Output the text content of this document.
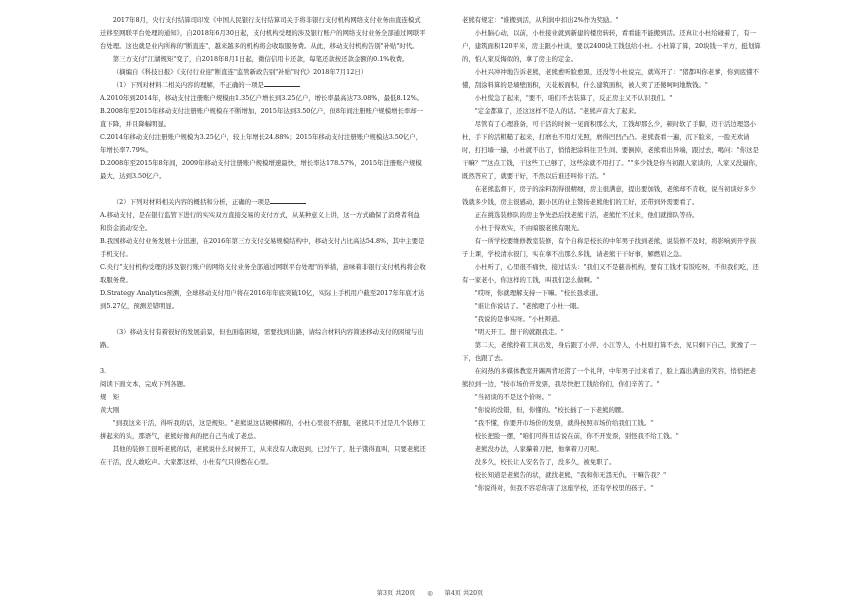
2017年8月，央行支付结算司印发《中国人民银行支付结算司关于将非银行支付机构网络支付业务由直连模式迁移至网联平台处理的通知》，自2018年6月30日起，支付机构受理的涉及银行账户的网络支付业务全部通过网联平台处理。这也就是业内所称的"断直连"，越来越多的机构将会收取服务费。从此，移动支付机构告别"补贴"时代。

第三方支付"江湖规矩"变了，自2018年8月1日起，微信信用卡还款，每笔还款按还款金额的0.1%收费。

（摘编自《科技日报》《支付行业迎"断直连"监管新政告别"补贴"时代》2018年7月12日）

（1）下列对材料二相关内容的理解，不正确的一项是

A.2010年到2014年，移动支付注册账户规模由1.35亿户增长到3.25亿户，增长率最高达73.08%，最低8.12%。

B.2008年至2015年移动支付注册账户规模在不断增加，2015年达到3.50亿户，但8年间注册账户规模增长率却一直下降，并且降幅明显。

C.2014年移动支付注册账户规模为3.25亿户，较上年增长24.88%；2015年移动支付注册账户规模达3.50亿户，年增长率7.79%。

D.2008年至2015年8年间，2009年移动支付注册账户规模增速最快，增长率达178.57%，2015年注册账户规模最大，达到3.50亿户。

（2）下列对材料相关内容的概括和分析，正确的一项是

A.移动支付，是在银行监管下进行的实实双方直接交易的支付方式，从某种意义上讲，这一方式确保了消费者利益和资金流动安全。

B.我国移动支付业务发展十分迅速，在2016年第三方支付交易规模结构中，移动支付占比高达54.8%，其中主要是手机支付。

C.央行"支付机构受理的涉及银行账户的网络支付业务全部通过网联平台处理"的举措，意味着非银行支付机构将会收取服务费。

D.Strategy Analytics预测，全球移动支付用户将在2016年年底突破10亿，实际上手机用户截至2017年年底才达到5.27亿，预测差错明显。

（3）移动支付有着很好的发展前景，但也面临困境，需要找到出路，请综合材料内容简述移动支付的困境与出路。

3.

阅读下面文本，完成下列各题。

规　矩

黄大刚

"到我这来干活，得听我的话，这是规矩。"老熊说这话硬梆梆的，小杜心里很不舒服，老熊只不过是几个装修工拼起来的头，那语气，老熊好像真的把自己当成了老总。

其他的装修工很听老熊的话，老熊说什么时候开工，从来没有人敢迟到，已过午了，肚子饿得直叫，只要老熊还在干活，没人敢吃声。大家都这样，小杜有气只得憋在心里。

老熊有规定："谁搬到活，从利润中扣出2%作为奖励。"

小杜脑心动，以前，小杜接业就到新建的楼房转转，看看能不能搬到活。还真让小杜给碰着了，有一户，建筑面积120平米，房主跟小杜谈，要以2400块工钱包给小杜。小杜算了算，20块钱一平方，挺划算的，怕人家反悔似的，拿了房主的定金。

小杜兴冲冲地告诉老熊，老熊愈听脸愈黑，还没等小杜说完，就骂开了："猪都叫你老爹，你到底懂不懂，刮涂料算的是墙壁面积，天花板面积，什么建筑面积，被人卖了还傻呵呵地数钱。"

小杜慌急了起来，"要不，咱们不去装算了，反正房主又不认识我们。"

"定金都算了，还这这样不是人的话。"老熊声音大了起来。

尽管有了心理准备，可干活的时候一见面积那么大，工钱却那么少，顿时软了手脚，迈干活边理怨小杜，手下的活粗糙了起来，打磨也不用灯光照，磨得凹凹凸凸。老熊查看一遍，沉下脸来，一脸无欢请时，打扫墙一遍，小杜就不出了，悄悄把涂料往卫生间、要倒掉，老熊看出异端，跟过去，喝问："你这是干嘛？""这点工钱，干这些工已够了，这些涂就不用打了。""多少钱是你当初跟人家谈的，人家又没逼你，既然答应了，就要干好，不然以后谁还叫你干活。"

在老熊监督下，房子的涂料刮得很精细，房主很满意，提出要加钱，老熊却不肯收，说当初谈好多少钱就多少钱，房主很感动，跟小区的业主赞扬老熊他们的工好，还带到外需要看了。

正在挑选装修队的房主争先恐后找老熊干活，老熊忙不过来，他们就排队等待。

小杜于得欢实，不由暗服老熊有眼光。

有一所学校要维修教室装修，有个自称是校长的中年男子找到老熊，说装修不及时，将影响到开学孩子上课，学校清水很门，实在拿不出那么多钱，请老熊干干好事，解燃眉之急。

小杜听了，心里很不痛快，接过话头："我们又不是慈善机构，要有工钱才有饭吃呀，不但我们吃，还有一家老小，你这样的工钱，叫我们怎么做啊。"

"哎呀，你就理解支持一下嘛。"校长恳求道。

"谁让你说话了。"老熊瞪了小杜一眼。

"我说的是事实呀。"小杜辩道。

"明天开工。想干的就跟我走。"

第二天，老熊拎着工具出发，身后跟了小萍、小江等人，小杜原打算不去，见只剩下自己，犹豫了一下，也跟了去。

在闷热的多媒体教室开踢两背坯涝了一个礼拜，中年男子过来看了，脸上露出满意的笑容，悄悄把老熊拉到一边，"按市场价开发票，我尽快把工钱给你们，你们辛苦了。"

"当初谈的不是这个价呀。"

"你说的没错，但，你懂的。"校长插了一下老熊的腰。

"我不懂，你要开市场价的发票，就得按照市场价给我们工钱。"

校长把脸一摆，"咱们可得丑话说在前，你不开发票，别怪我不给工钱。"

老熊没办法，人家攥着刀把，他拿着刀刃呢。

没多久，校长让人安名告了，没多久，被免职了。

校长知道是老熊告的状，就找老熊，"我和你无怨无仇，干嘛告我？"

"你说得对，但我不容忍你害了这座学校，还有学校里的孩子。"

第3页 共20页 ◎ 第4页 共20页
